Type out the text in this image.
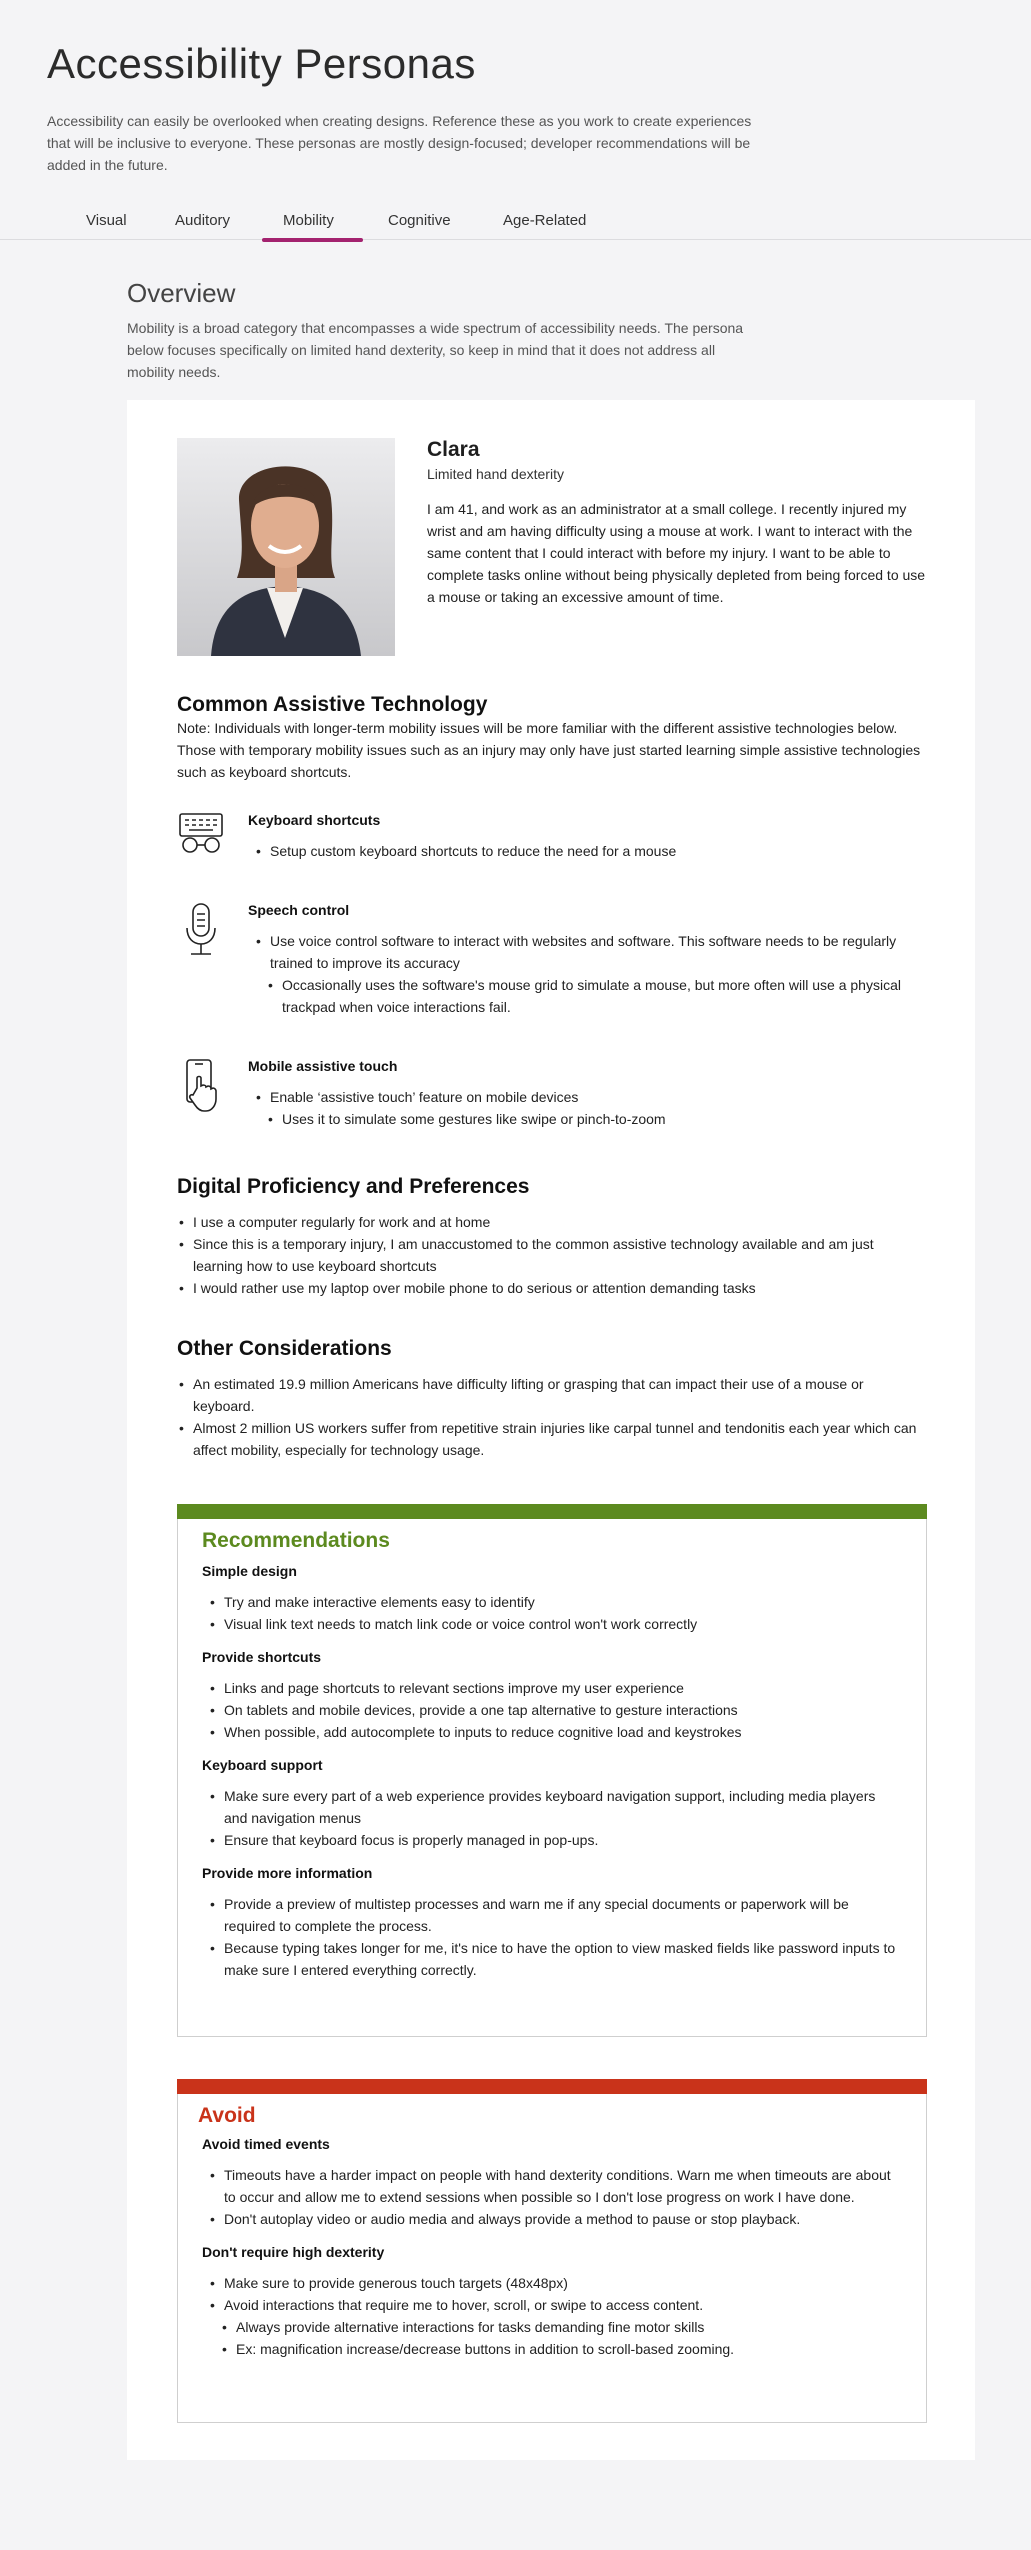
Accessibility Personas

Accessibility can easily be overlooked when creating designs. Reference these as you work to create experiences that will be inclusive to everyone. These personas are mostly design-focused; developer recommendations will be added in the future.

Visual	Auditory	Mobility	Cognitive	Age-Related
Overview

Mobility is a broad category that encompasses a wide spectrum of accessibility needs. The persona below focuses specifically on limited hand dexterity, so keep in mind that it does not address all mobility needs.

Clara
Limited hand dexterity

I am 41, and work as an administrator at a small college. I recently injured my wrist and am having difficulty using a mouse at work. I want to interact with the same content that I could interact with before my injury. I want to be able to complete tasks online without being physically depleted from being forced to use a mouse or taking an excessive amount of time.

Common Assistive Technology

Note: Individuals with longer-term mobility issues will be more familiar with the different assistive technologies below. Those with temporary mobility issues such as an injury may only have just started learning simple assistive technologies such as keyboard shortcuts.

Keyboard shortcuts
• Setup custom keyboard shortcuts to reduce the need for a mouse
Speech control
• Use voice control software to interact with websites and software. This software needs to be regularly trained to improve its accuracy
• Occasionally uses the software's mouse grid to simulate a mouse, but more often will use a physical trackpad when voice interactions fail.
Mobile assistive touch
• Enable ‘assistive touch’ feature on mobile devices
• Uses it to simulate some gestures like swipe or pinch-to-zoom
Digital Proficiency and Preferences
• I use a computer regularly for work and at home
• Since this is a temporary injury, I am unaccustomed to the common assistive technology available and am just learning how to use keyboard shortcuts
• I would rather use my laptop over mobile phone to do serious or attention demanding tasks
Other Considerations
• An estimated 19.9 million Americans have difficulty lifting or grasping that can impact their use of a mouse or keyboard.
• Almost 2 million US workers suffer from repetitive strain injuries like carpal tunnel and tendonitis each year which can affect mobility, especially for technology usage.
Recommendations
Simple design
• Try and make interactive elements easy to identify
• Visual link text needs to match link code or voice control won't work correctly
Provide shortcuts
• Links and page shortcuts to relevant sections improve my user experience
• On tablets and mobile devices, provide a one tap alternative to gesture interactions
• When possible, add autocomplete to inputs to reduce cognitive load and keystrokes
Keyboard support
• Make sure every part of a web experience provides keyboard navigation support, including media players and navigation menus
• Ensure that keyboard focus is properly managed in pop-ups.
Provide more information
• Provide a preview of multistep processes and warn me if any special documents or paperwork will be required to complete the process.
• Because typing takes longer for me, it's nice to have the option to view masked fields like password inputs to make sure I entered everything correctly.
Avoid
Avoid timed events
• Timeouts have a harder impact on people with hand dexterity conditions. Warn me when timeouts are about to occur and allow me to extend sessions when possible so I don't lose progress on work I have done.
• Don't autoplay video or audio media and always provide a method to pause or stop playback.
Don't require high dexterity
• Make sure to provide generous touch targets (48x48px)
• Avoid interactions that require me to hover, scroll, or swipe to access content.
• Always provide alternative interactions for tasks demanding fine motor skills
• Ex: magnification increase/decrease buttons in addition to scroll-based zooming.
